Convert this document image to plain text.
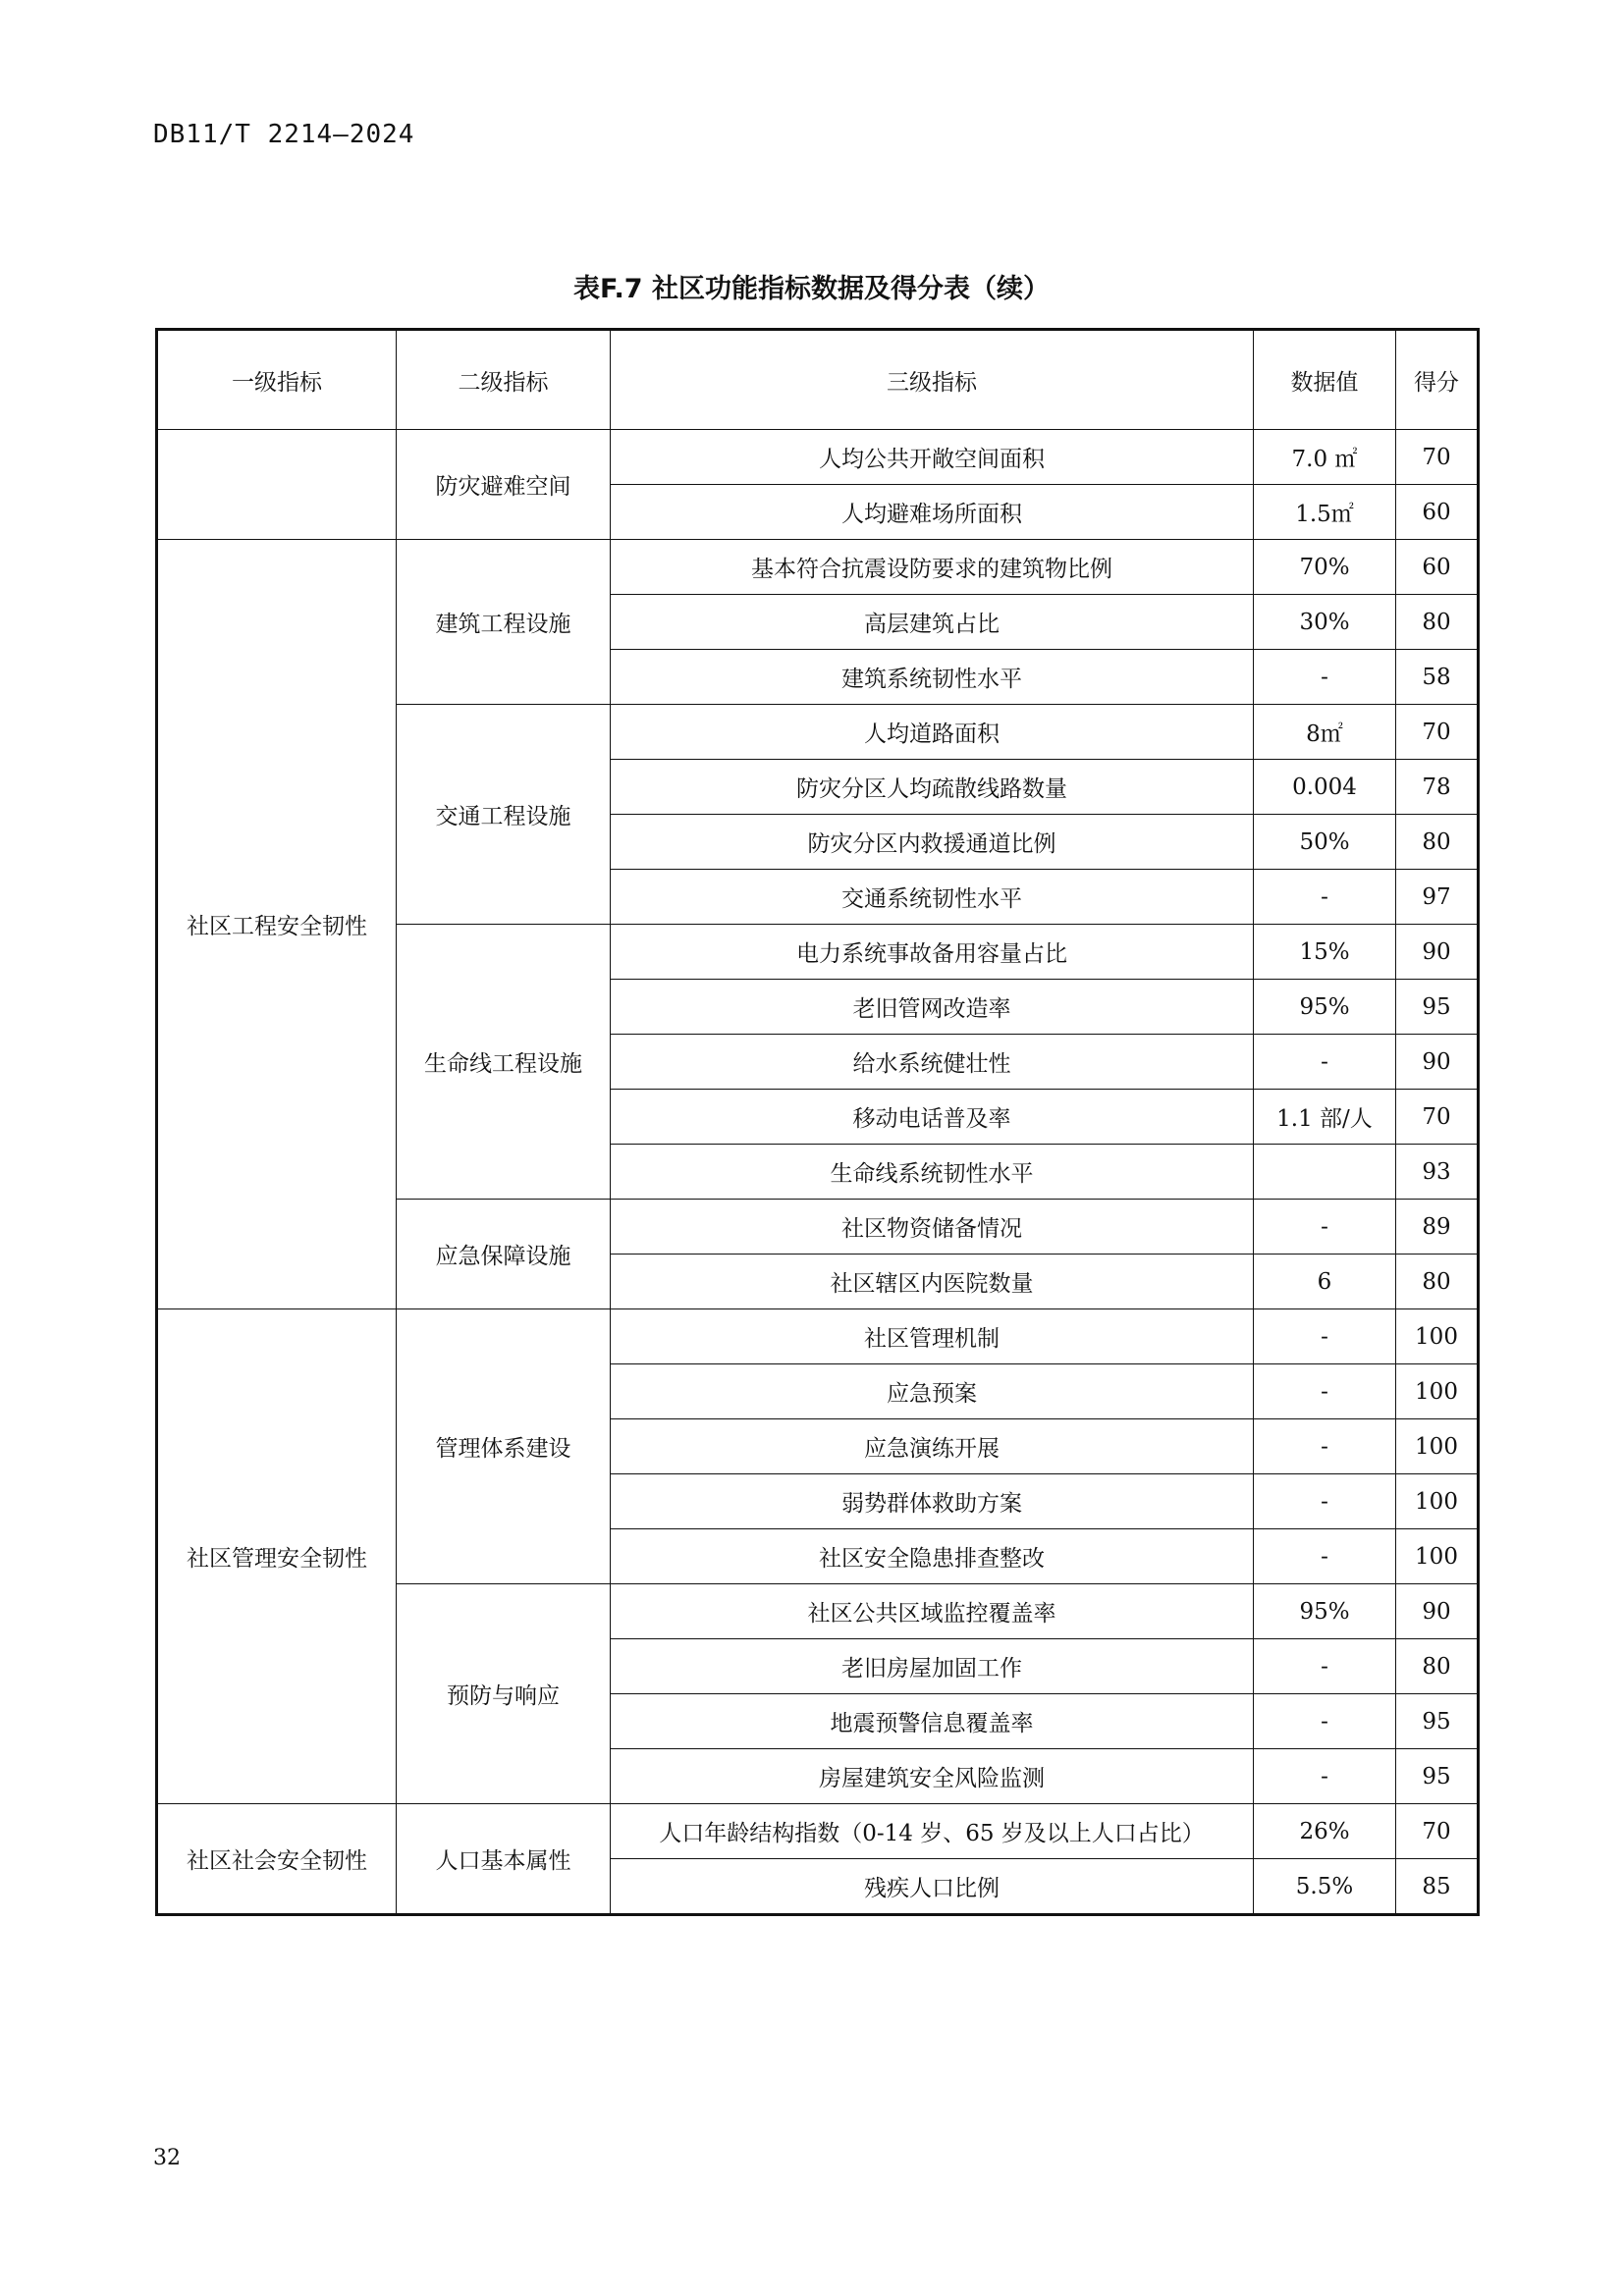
DB11/T 2214—2024
表F.7 社区功能指标数据及得分表（续）
一级指标	二级指标	三级指标	数据值	得分
	防灾避难空间	人均公共开敞空间面积	7.0 ㎡	70
		人均避难场所面积	1.5㎡	60
社区工程安全韧性	建筑工程设施	基本符合抗震设防要求的建筑物比例	70%	60
		高层建筑占比	30%	80
		建筑系统韧性水平	-	58
	交通工程设施	人均道路面积	8㎡	70
		防灾分区人均疏散线路数量	0.004	78
		防灾分区内救援通道比例	50%	80
		交通系统韧性水平	-	97
	生命线工程设施	电力系统事故备用容量占比	15%	90
		老旧管网改造率	95%	95
		给水系统健壮性	-	90
		移动电话普及率	1.1 部/人	70
		生命线系统韧性水平		93
	应急保障设施	社区物资储备情况	-	89
		社区辖区内医院数量	6	80
社区管理安全韧性	管理体系建设	社区管理机制	-	100
		应急预案	-	100
		应急演练开展	-	100
		弱势群体救助方案	-	100
		社区安全隐患排查整改	-	100
	预防与响应	社区公共区域监控覆盖率	95%	90
		老旧房屋加固工作	-	80
		地震预警信息覆盖率	-	95
		房屋建筑安全风险监测	-	95
社区社会安全韧性	人口基本属性	人口年龄结构指数（0-14 岁、65 岁及以上人口占比）	26%	70
		残疾人口比例	5.5%	85
32
